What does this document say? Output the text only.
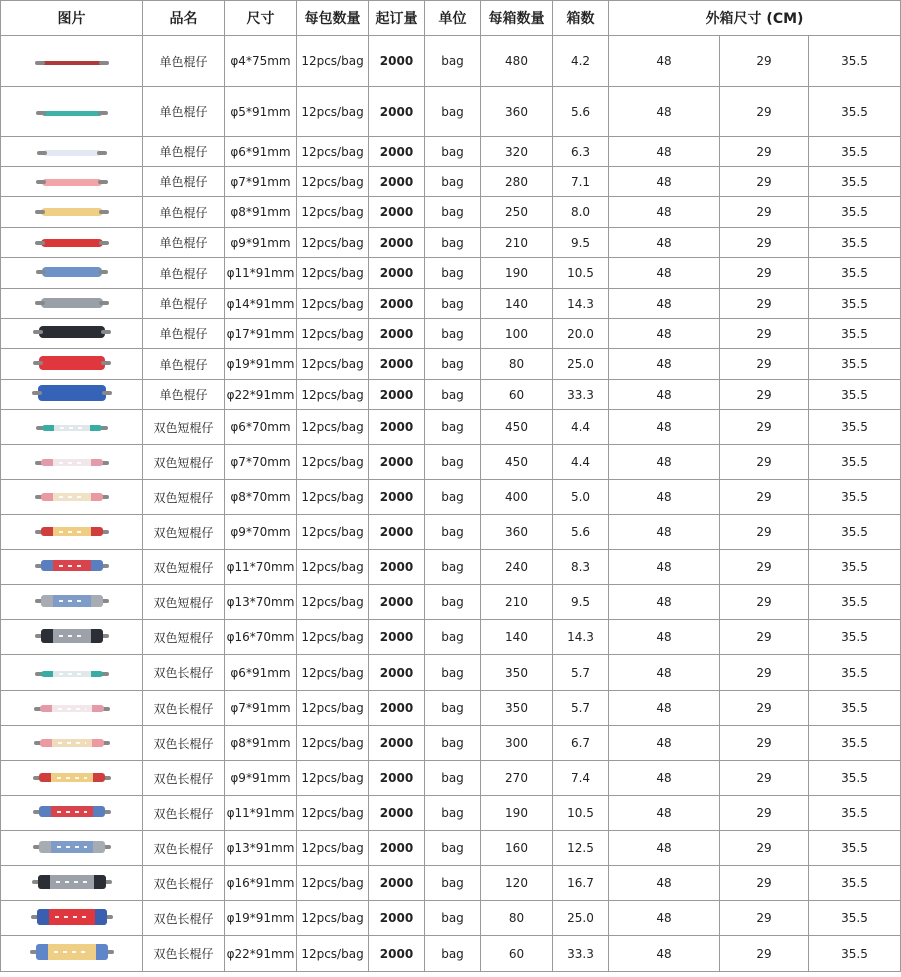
图片	品名	尺寸	每包数量	起订量	单位	每箱数量	箱数	外箱尺寸 (CM)		

	单色棍仔	φ4*75mm	12pcs/bag	2000	bag	480	4.2	48	29	35.5

	单色棍仔	φ5*91mm	12pcs/bag	2000	bag	360	5.6	48	29	35.5

	单色棍仔	φ6*91mm	12pcs/bag	2000	bag	320	6.3	48	29	35.5

	单色棍仔	φ7*91mm	12pcs/bag	2000	bag	280	7.1	48	29	35.5

	单色棍仔	φ8*91mm	12pcs/bag	2000	bag	250	8.0	48	29	35.5

	单色棍仔	φ9*91mm	12pcs/bag	2000	bag	210	9.5	48	29	35.5

	单色棍仔	φ11*91mm	12pcs/bag	2000	bag	190	10.5	48	29	35.5

	单色棍仔	φ14*91mm	12pcs/bag	2000	bag	140	14.3	48	29	35.5

	单色棍仔	φ17*91mm	12pcs/bag	2000	bag	100	20.0	48	29	35.5

	单色棍仔	φ19*91mm	12pcs/bag	2000	bag	80	25.0	48	29	35.5

	单色棍仔	φ22*91mm	12pcs/bag	2000	bag	60	33.3	48	29	35.5

	双色短棍仔	φ6*70mm	12pcs/bag	2000	bag	450	4.4	48	29	35.5

	双色短棍仔	φ7*70mm	12pcs/bag	2000	bag	450	4.4	48	29	35.5

	双色短棍仔	φ8*70mm	12pcs/bag	2000	bag	400	5.0	48	29	35.5

	双色短棍仔	φ9*70mm	12pcs/bag	2000	bag	360	5.6	48	29	35.5

	双色短棍仔	φ11*70mm	12pcs/bag	2000	bag	240	8.3	48	29	35.5

	双色短棍仔	φ13*70mm	12pcs/bag	2000	bag	210	9.5	48	29	35.5

	双色短棍仔	φ16*70mm	12pcs/bag	2000	bag	140	14.3	48	29	35.5

	双色长棍仔	φ6*91mm	12pcs/bag	2000	bag	350	5.7	48	29	35.5

	双色长棍仔	φ7*91mm	12pcs/bag	2000	bag	350	5.7	48	29	35.5

	双色长棍仔	φ8*91mm	12pcs/bag	2000	bag	300	6.7	48	29	35.5

	双色长棍仔	φ9*91mm	12pcs/bag	2000	bag	270	7.4	48	29	35.5

	双色长棍仔	φ11*91mm	12pcs/bag	2000	bag	190	10.5	48	29	35.5

	双色长棍仔	φ13*91mm	12pcs/bag	2000	bag	160	12.5	48	29	35.5

	双色长棍仔	φ16*91mm	12pcs/bag	2000	bag	120	16.7	48	29	35.5

	双色长棍仔	φ19*91mm	12pcs/bag	2000	bag	80	25.0	48	29	35.5

	双色长棍仔	φ22*91mm	12pcs/bag	2000	bag	60	33.3	48	29	35.5
